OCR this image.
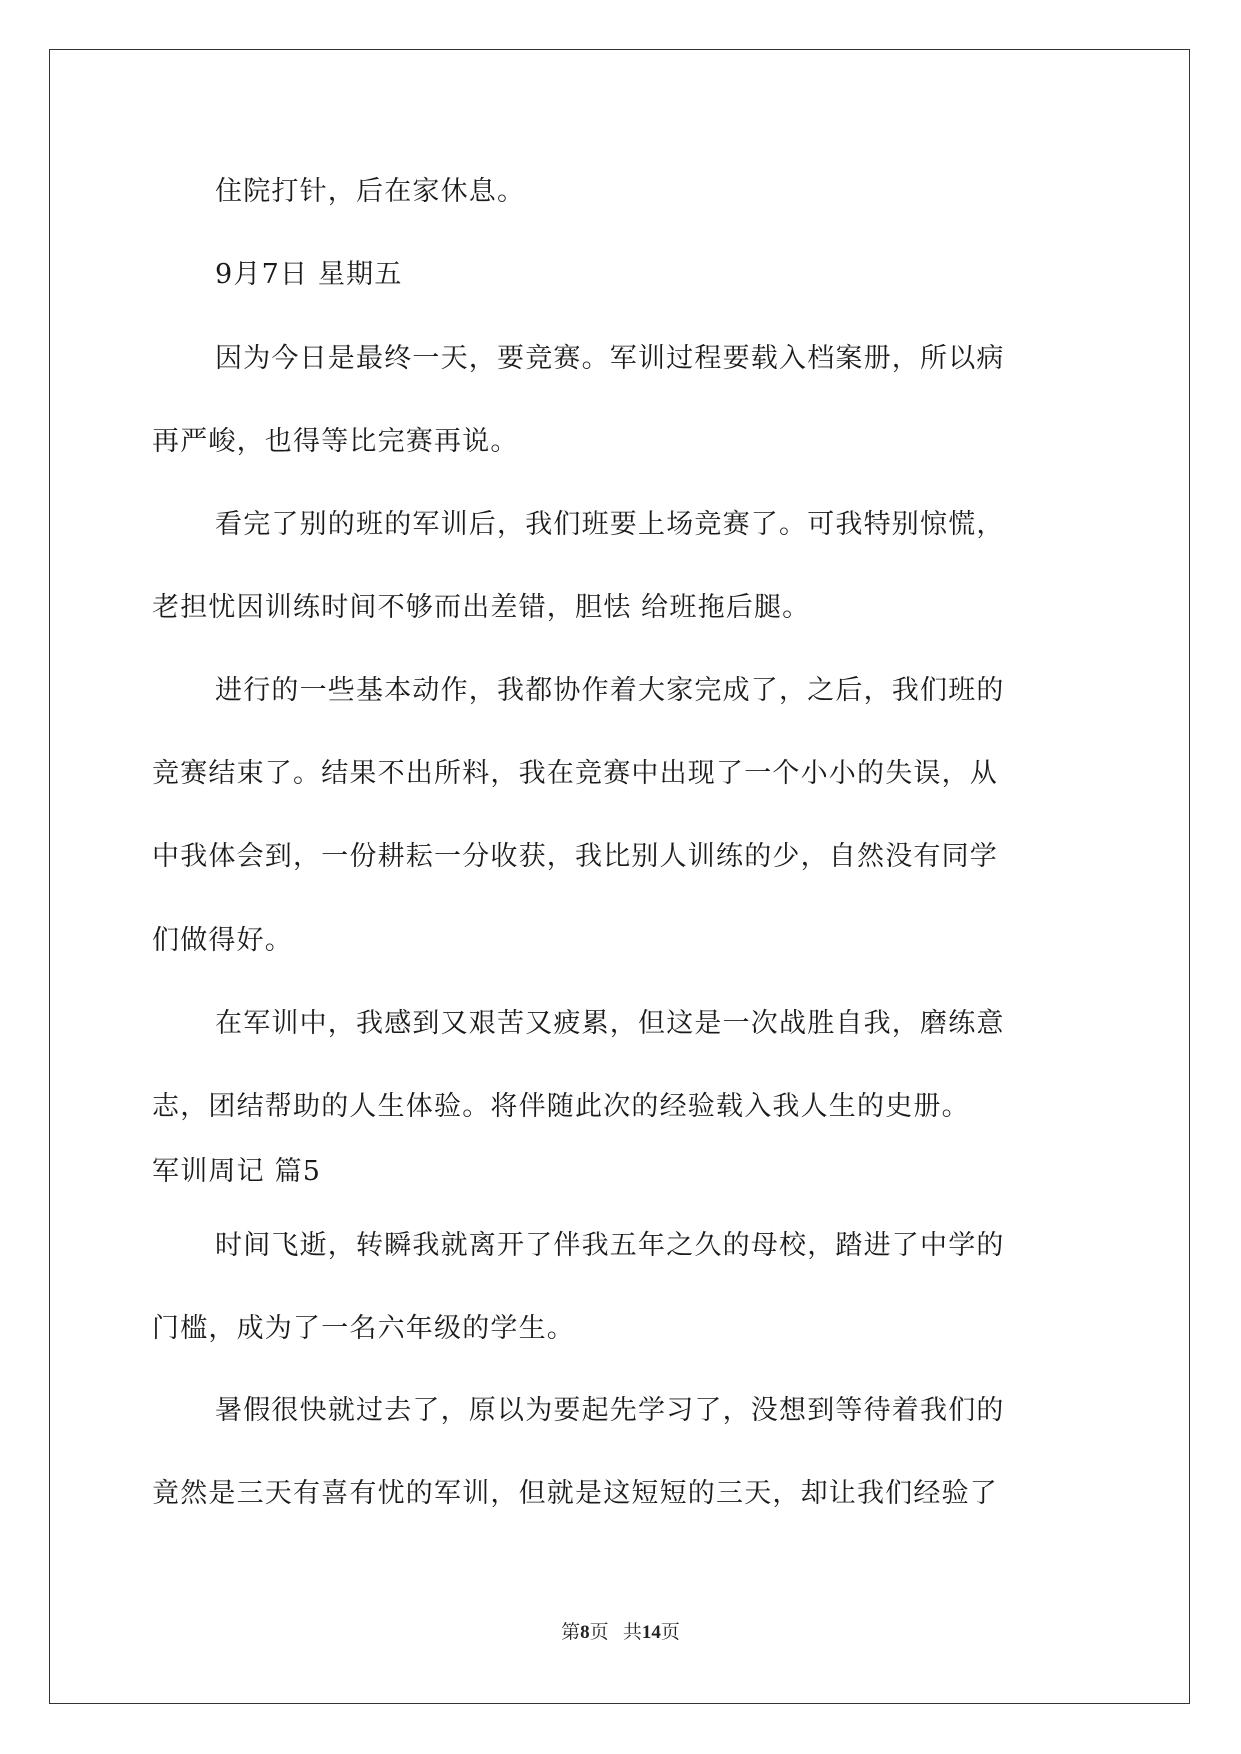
住院打针，后在家休息。
9月7日 星期五
因为今日是最终一天，要竞赛。军训过程要载入档案册，所以病
再严峻，也得等比完赛再说。
看完了别的班的军训后，我们班要上场竞赛了。可我特别惊慌，
老担忧因训练时间不够而出差错，胆怯 给班拖后腿。
进行的一些基本动作，我都协作着大家完成了，之后，我们班的
竞赛结束了。结果不出所料，我在竞赛中出现了一个小小的失误，从
中我体会到，一份耕耘一分收获，我比别人训练的少，自然没有同学
们做得好。
在军训中，我感到又艰苦又疲累，但这是一次战胜自我，磨练意
志，团结帮助的人生体验。将伴随此次的经验载入我人生的史册。
军训周记 篇5
时间飞逝，转瞬我就离开了伴我五年之久的母校，踏进了中学的
门槛，成为了一名六年级的学生。
暑假很快就过去了，原以为要起先学习了，没想到等待着我们的
竟然是三天有喜有忧的军训，但就是这短短的三天，却让我们经验了
第8页   共14页
